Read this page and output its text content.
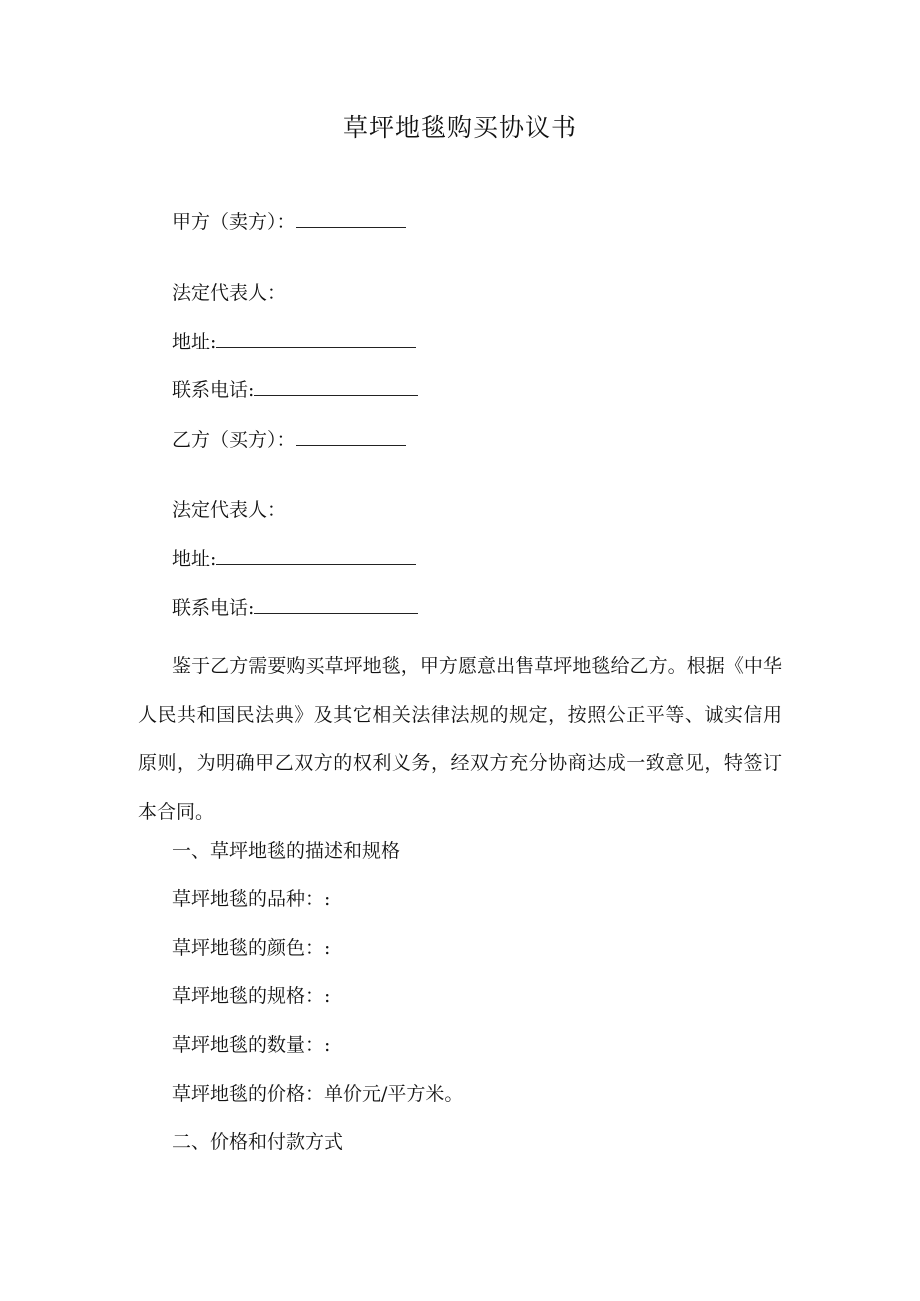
草坪地毯购买协议书
甲方（卖方）：
法定代表人：
地址:
联系电话:
乙方（买方）：
法定代表人：
地址:
联系电话:
鉴于乙方需要购买草坪地毯，甲方愿意出售草坪地毯给乙方。根据《中华人民共和国民法典》及其它相关法律法规的规定，按照公正平等、诚实信用原则，为明确甲乙双方的权利义务，经双方充分协商达成一致意见，特签订本合同。
一、草坪地毯的描述和规格
草坪地毯的品种：:
草坪地毯的颜色：:
草坪地毯的规格：:
草坪地毯的数量：:
草坪地毯的价格：单价元/平方米。
二、价格和付款方式
